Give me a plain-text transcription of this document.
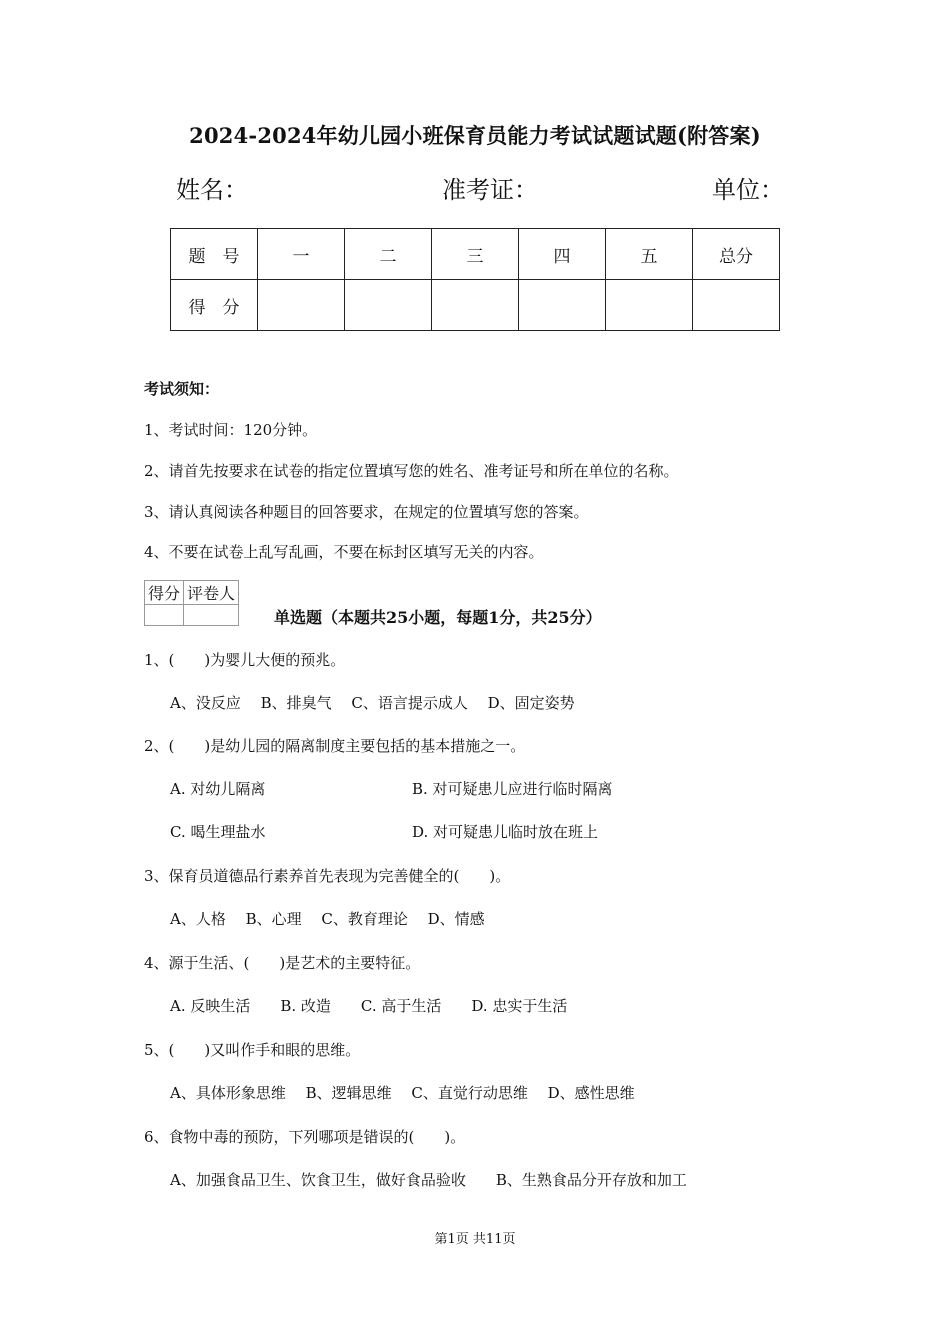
2024-2024年幼儿园小班保育员能力考试试题试题(附答案)
姓名：	准考证：	单位：
题　号	一	二	三	四	五	总分
得　分						
考试须知：
1、考试时间：120分钟。
2、请首先按要求在试卷的指定位置填写您的姓名、准考证号和所在单位的名称。
3、请认真阅读各种题目的回答要求，在规定的位置填写您的答案。
4、不要在试卷上乱写乱画，不要在标封区填写无关的内容。
得分	评卷人

单选题（本题共25小题，每题1分，共25分）
1、(　　)为婴儿大便的预兆。
A、没反应　 B、排臭气　 C、语言提示成人　 D、固定姿势
2、(　　)是幼儿园的隔离制度主要包括的基本措施之一。
A. 对幼儿隔离	B. 对可疑患儿应进行临时隔离
C. 喝生理盐水	D. 对可疑患儿临时放在班上
3、保育员道德品行素养首先表现为完善健全的(　　)。
A、人格　 B、心理　 C、教育理论　 D、情感
4、源于生活、(　　)是艺术的主要特征。
A. 反映生活　　B. 改造　　C. 高于生活　　D. 忠实于生活
5、(　　)又叫作手和眼的思维。
A、具体形象思维　 B、逻辑思维　 C、直觉行动思维　 D、感性思维
6、食物中毒的预防，下列哪项是错误的(　　)。
A、加强食品卫生、饮食卫生，做好食品验收　　B、生熟食品分开存放和加工
第1页 共11页
